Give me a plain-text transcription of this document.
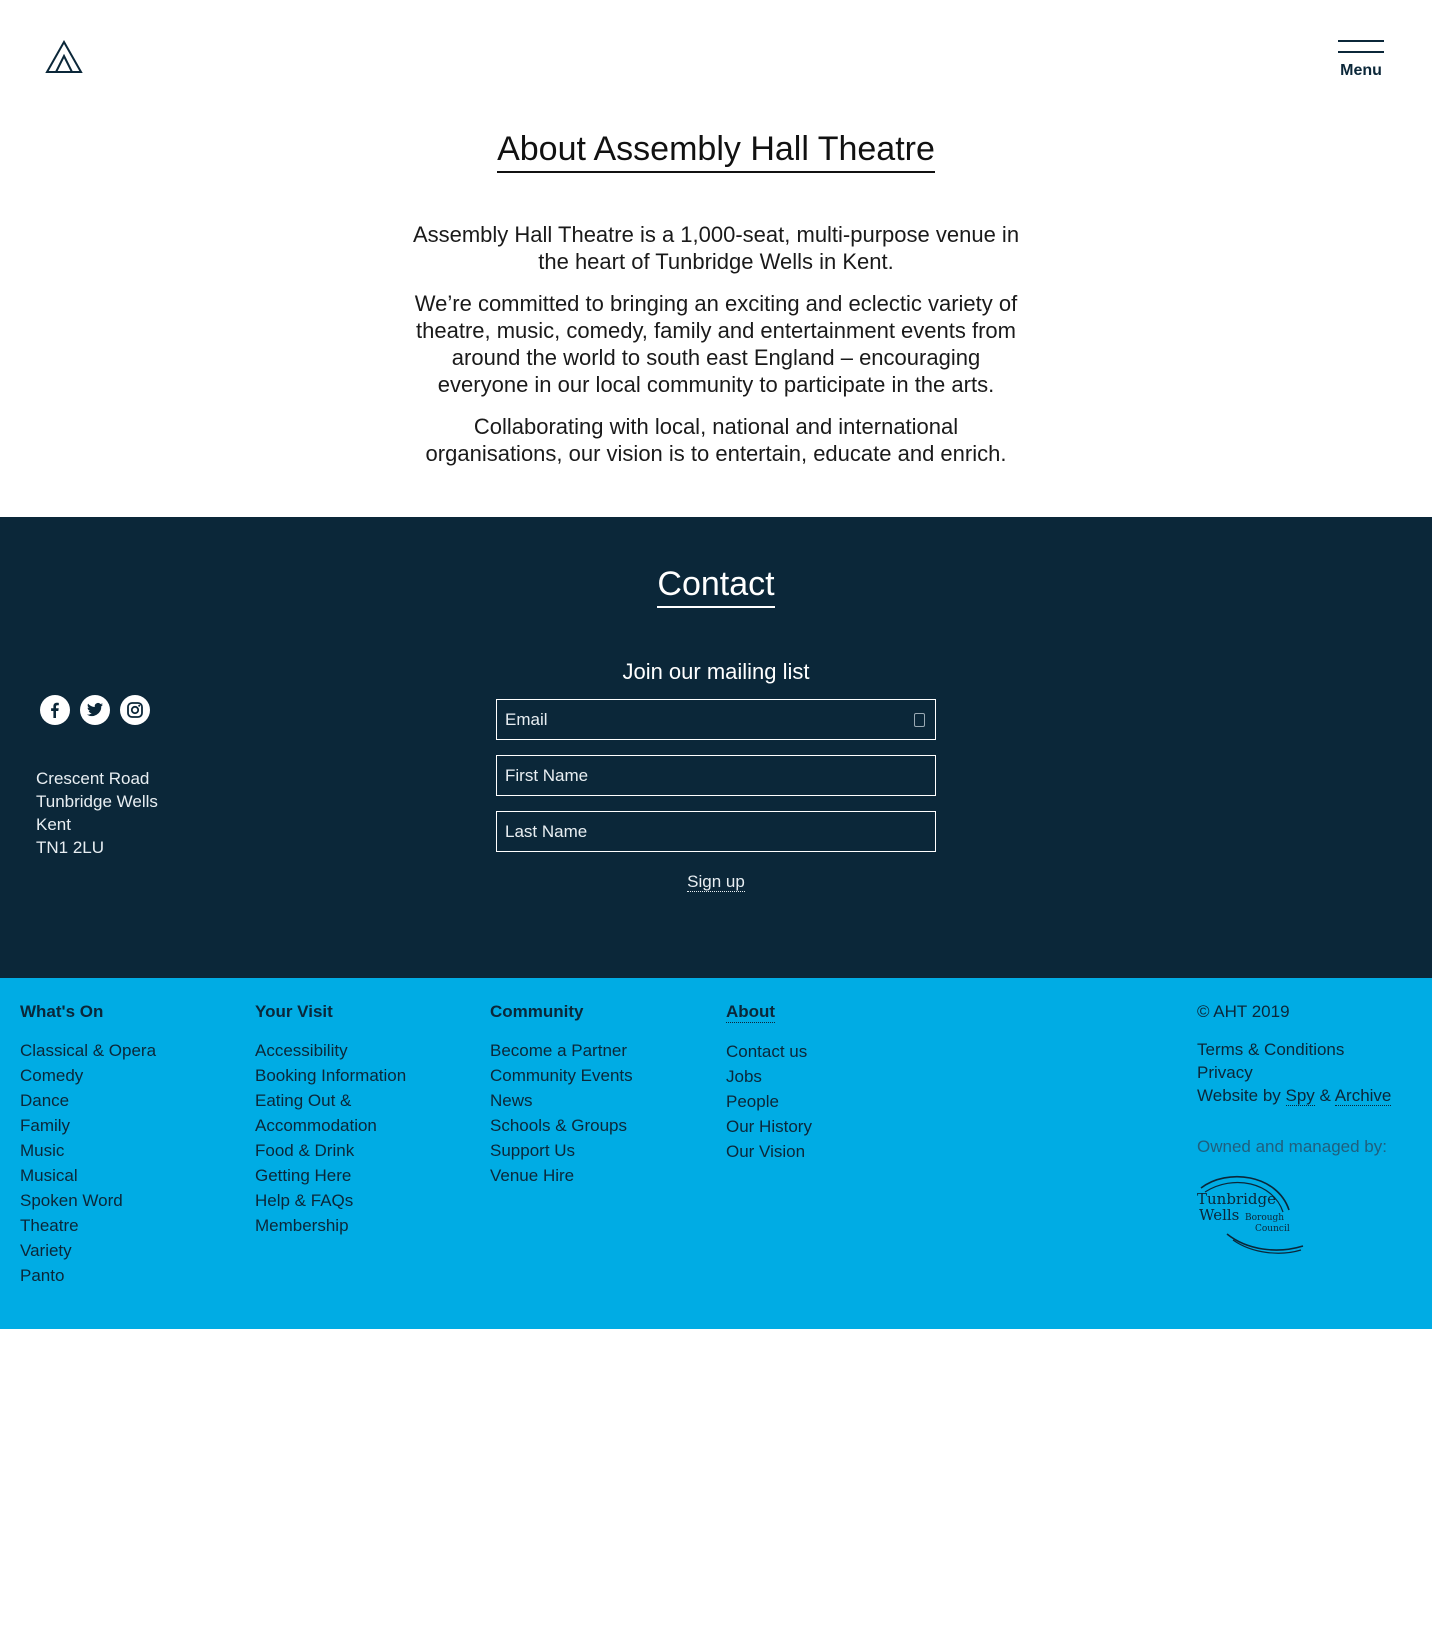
Menu
About Assembly Hall Theatre

Assembly Hall Theatre is a 1,000-seat, multi-purpose venue in the heart of Tunbridge Wells in Kent.

We’re committed to bringing an exciting and eclectic variety of theatre, music, comedy, family and entertainment events from around the world to south east England – encouraging everyone in our local community to participate in the arts.

Collaborating with local, national and international organisations, our vision is to entertain, educate and enrich.

Contact
Crescent Road
Tunbridge Wells
Kent
TN1 2LU
Join our mailing list
Email
First Name
Last Name
Sign up
What's On
Classical & Opera
Comedy
Dance
Family
Music
Musical
Spoken Word
Theatre
Variety
Panto
Your Visit
Accessibility
Booking Information
Eating Out &
Accommodation
Food & Drink
Getting Here
Help & FAQs
Membership
Community
Become a Partner
Community Events
News
Schools & Groups
Support Us
Venue Hire
About
Contact us
Jobs
People
Our History
Our Vision
© AHT 2019
Terms & Conditions
Privacy
Website by Spy & Archive
Owned and managed by:
Tunbridge
Wells Borough
Council
